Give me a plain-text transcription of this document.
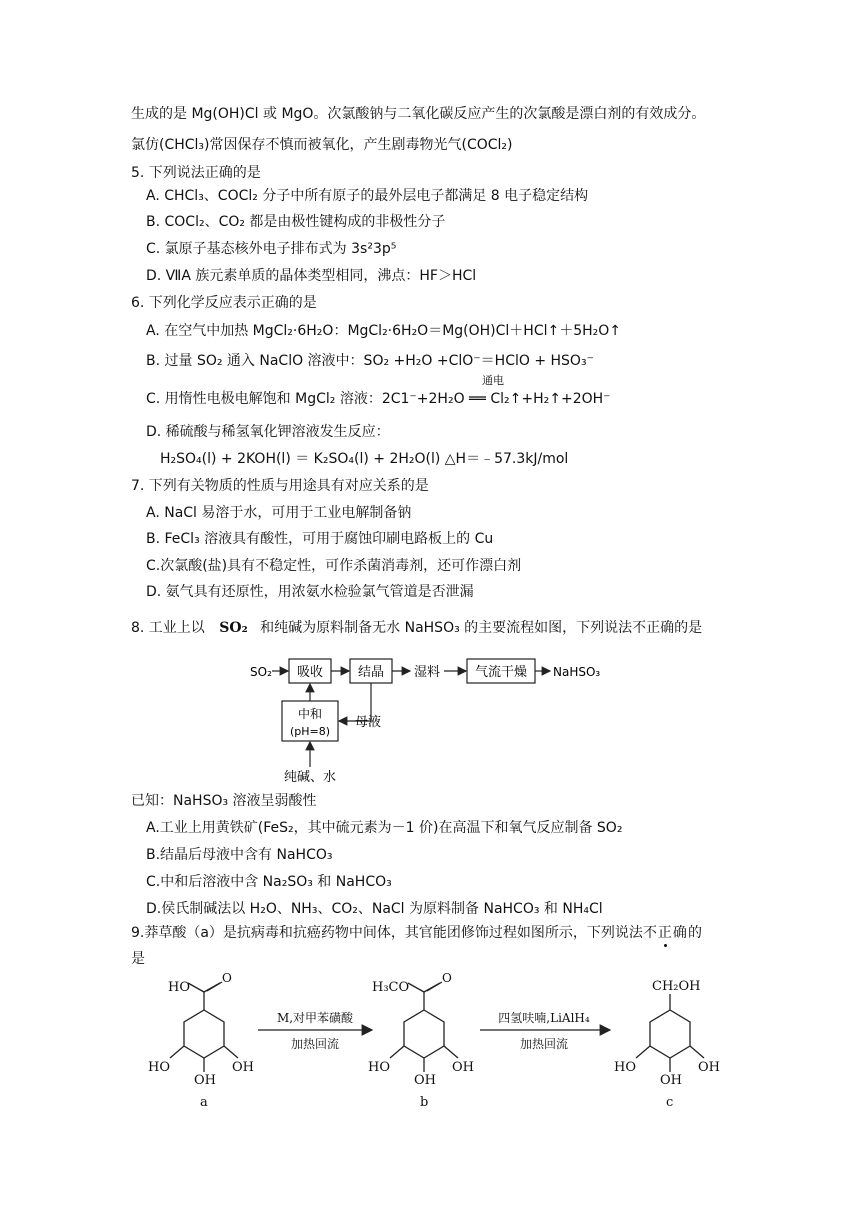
生成的是 Mg(OH)Cl 或 MgO。次氯酸钠与二氧化碳反应产生的次氯酸是漂白剂的有效成分。
氯仿(CHCl₃)常因保存不慎而被氧化，产生剧毒物光气(COCl₂)
5. 下列说法正确的是
A. CHCl₃、COCl₂ 分子中所有原子的最外层电子都满足 8 电子稳定结构
B. COCl₂、CO₂ 都是由极性键构成的非极性分子
C. 氯原子基态核外电子排布式为 3s²3p⁵
D. ⅦA 族元素单质的晶体类型相同，沸点：HF＞HCl
6. 下列化学反应表示正确的是
A. 在空气中加热 MgCl₂·6H₂O：MgCl₂·6H₂O＝Mg(OH)Cl＋HCl↑＋5H₂O↑
B. 过量 SO₂ 通入 NaClO 溶液中：SO₂ +H₂O +ClO⁻＝HClO + HSO₃⁻
通电
C. 用惰性电极电解饱和 MgCl₂ 溶液：2C1⁻+2H₂O ══ Cl₂↑+H₂↑+2OH⁻
D. 稀硫酸与稀氢氧化钾溶液发生反应：
H₂SO₄(l) + 2KOH(l) ＝ K₂SO₄(l) + 2H₂O(l) △H＝﹣57.3kJ/mol
7. 下列有关物质的性质与用途具有对应关系的是
A. NaCl 易溶于水，可用于工业电解制备钠
B. FeCl₃ 溶液具有酸性，可用于腐蚀印刷电路板上的 Cu
C.次氯酸(盐)具有不稳定性，可作杀菌消毒剂，还可作漂白剂
D. 氨气具有还原性，用浓氨水检验氯气管道是否泄漏
8. 工业上以 SO₂ 和纯碱为原料制备无水 NaHSO₃ 的主要流程如图，下列说法不正确的是
SO₂ 吸收	结晶 湿料	气流干燥 NaHSO₃
中和
(pH=8)
母液
纯碱、水
已知：NaHSO₃ 溶液呈弱酸性
A.工业上用黄铁矿(FeS₂，其中硫元素为－1 价)在高温下和氧气反应制备 SO₂
B.结晶后母液中含有 NaHCO₃
C.中和后溶液中含 Na₂SO₃ 和 NaHCO₃
D.侯氏制碱法以 H₂O、NH₃、CO₂、NaCl 为原料制备 NaHCO₃ 和 NH₄Cl
9.莽草酸（a）是抗病毒和抗癌药物中间体，其官能团修饰过程如图所示，下列说法不正确的
是
HO
O
HO
OH
OH
a
H₃CO
O
HO
OH
OH
b
CH₂OH
HO
OH
OH
c
M,对甲苯磺酸
加热回流
四氢呋喃,LiAlH₄
加热回流
